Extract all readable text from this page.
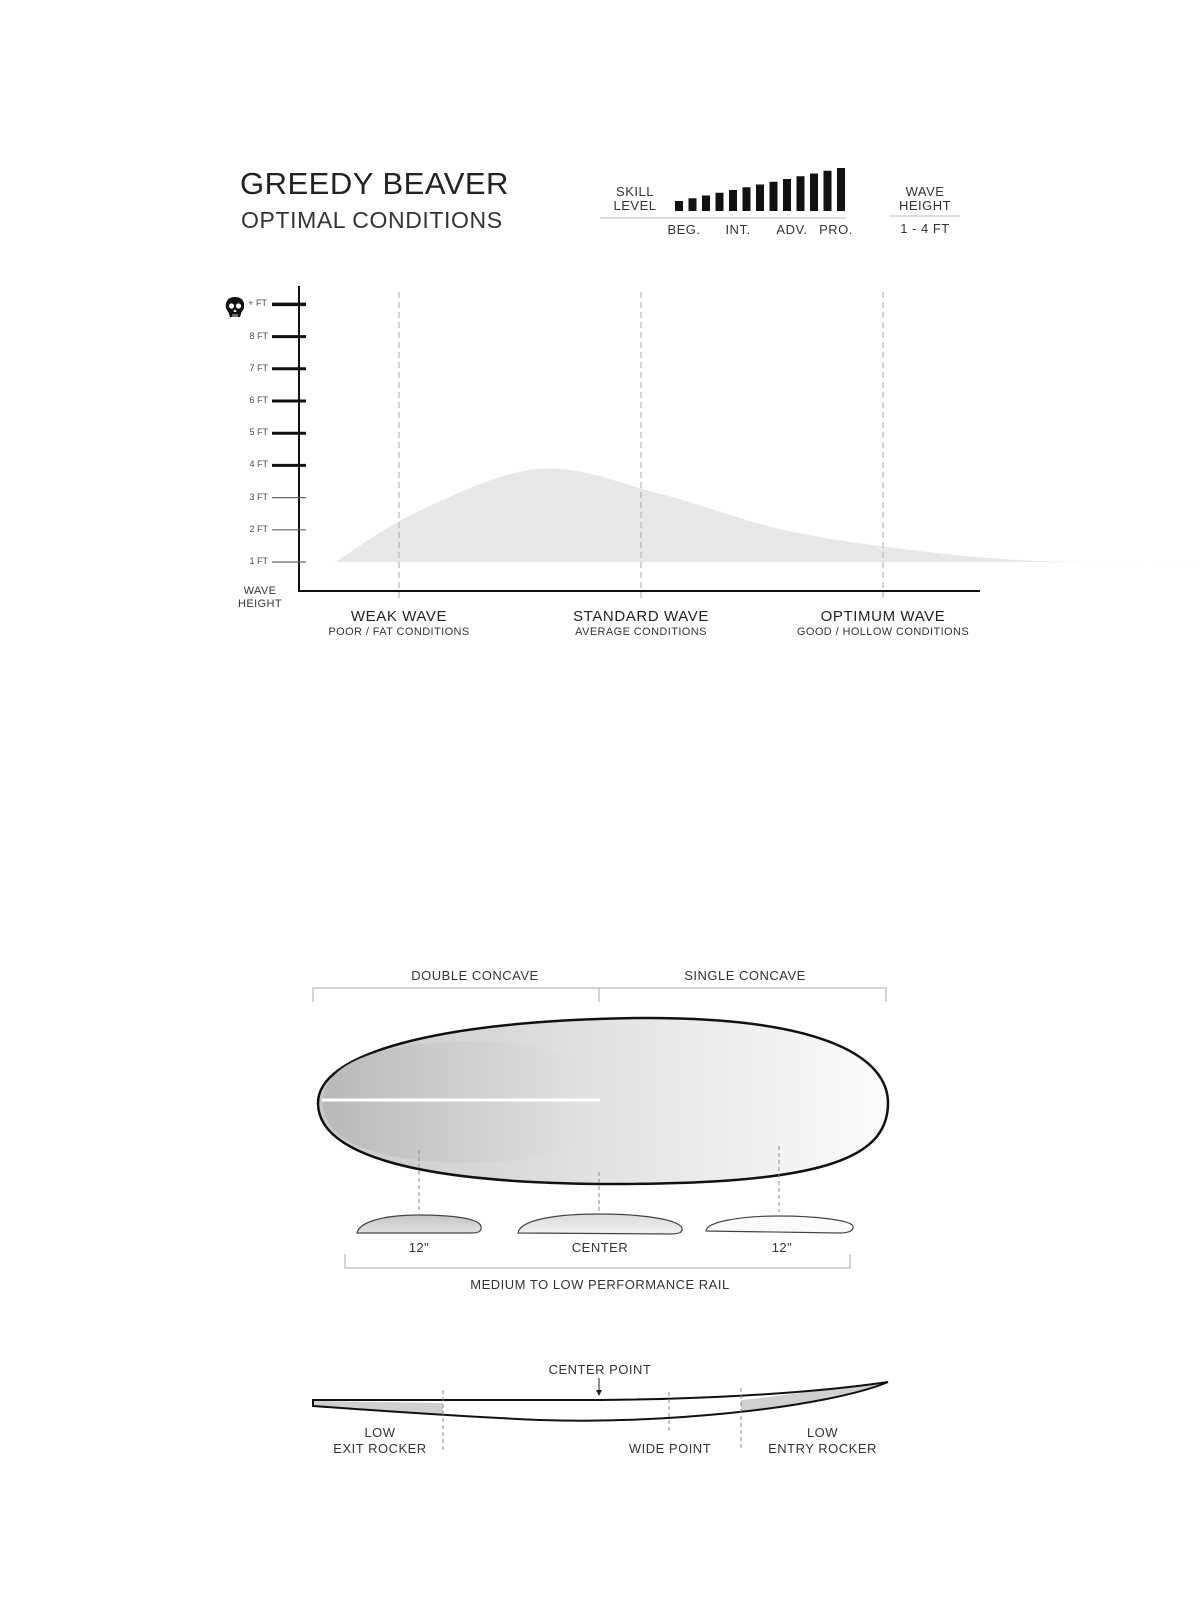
GREEDY BEAVER
OPTIMAL CONDITIONS
SKILL
LEVEL
BEG.	INT.	ADV. PRO.
WAVE
HEIGHT
1 - 4 FT
1 FT
2 FT
3 FT
4 FT
5 FT
6 FT
7 FT
8 FT
+ FT
WAVE
HEIGHT
WEAK WAVE
POOR / FAT CONDITIONS
STANDARD WAVE
AVERAGE CONDITIONS
OPTIMUM WAVE
GOOD / HOLLOW CONDITIONS
DOUBLE CONCAVE	SINGLE CONCAVE
12"	CENTER	12"
MEDIUM TO LOW PERFORMANCE RAIL
CENTER POINT
LOW
EXIT ROCKER	WIDE POINT
LOW
ENTRY ROCKER
